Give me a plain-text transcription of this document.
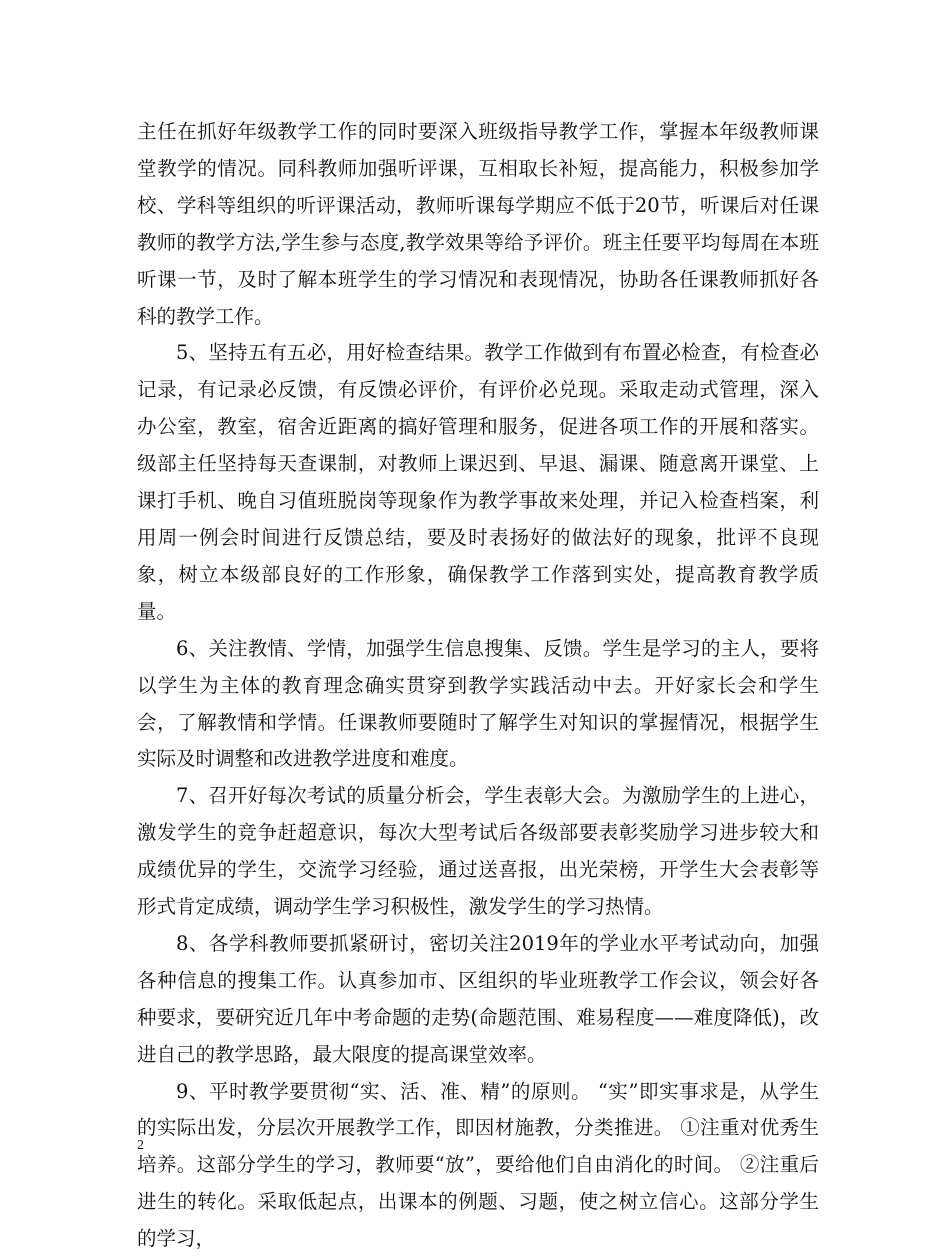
主任在抓好年级教学工作的同时要深入班级指导教学工作，掌握本年级教师课堂教学的情况。同科教师加强听评课，互相取长补短，提高能力，积极参加学校、学科等组织的听评课活动，教师听课每学期应不低于20节，听课后对任课教师的教学方法,学生参与态度,教学效果等给予评价。班主任要平均每周在本班听课一节，及时了解本班学生的学习情况和表现情况，协助各任课教师抓好各科的教学工作。

5、坚持五有五必，用好检查结果。教学工作做到有布置必检查，有检查必记录，有记录必反馈，有反馈必评价，有评价必兑现。采取走动式管理，深入办公室，教室，宿舍近距离的搞好管理和服务，促进各项工作的开展和落实。级部主任坚持每天查课制，对教师上课迟到、早退、漏课、随意离开课堂、上课打手机、晚自习值班脱岗等现象作为教学事故来处理，并记入检查档案，利用周一例会时间进行反馈总结，要及时表扬好的做法好的现象，批评不良现象，树立本级部良好的工作形象，确保教学工作落到实处，提高教育教学质量。

6、关注教情、学情，加强学生信息搜集、反馈。学生是学习的主人，要将以学生为主体的教育理念确实贯穿到教学实践活动中去。开好家长会和学生会，了解教情和学情。任课教师要随时了解学生对知识的掌握情况，根据学生实际及时调整和改进教学进度和难度。

7、召开好每次考试的质量分析会，学生表彰大会。为激励学生的上进心，激发学生的竞争赶超意识，每次大型考试后各级部要表彰奖励学习进步较大和成绩优异的学生，交流学习经验，通过送喜报，出光荣榜，开学生大会表彰等形式肯定成绩，调动学生学习积极性，激发学生的学习热情。

8、各学科教师要抓紧研讨，密切关注2019年的学业水平考试动向，加强各种信息的搜集工作。认真参加市、区组织的毕业班教学工作会议，领会好各种要求，要研究近几年中考命题的走势(命题范围、难易程度——难度降低)，改进自己的教学思路，最大限度的提高课堂效率。

9、平时教学要贯彻“实、活、准、精”的原则。 “实”即实事求是，从学生的实际出发，分层次开展教学工作，即因材施教，分类推进。 ①注重对优秀生培养。这部分学生的学习，教师要“放”，要给他们自由消化的时间。 ②注重后进生的转化。采取低起点，出课本的例题、习题，使之树立信心。这部分学生的学习，

2
